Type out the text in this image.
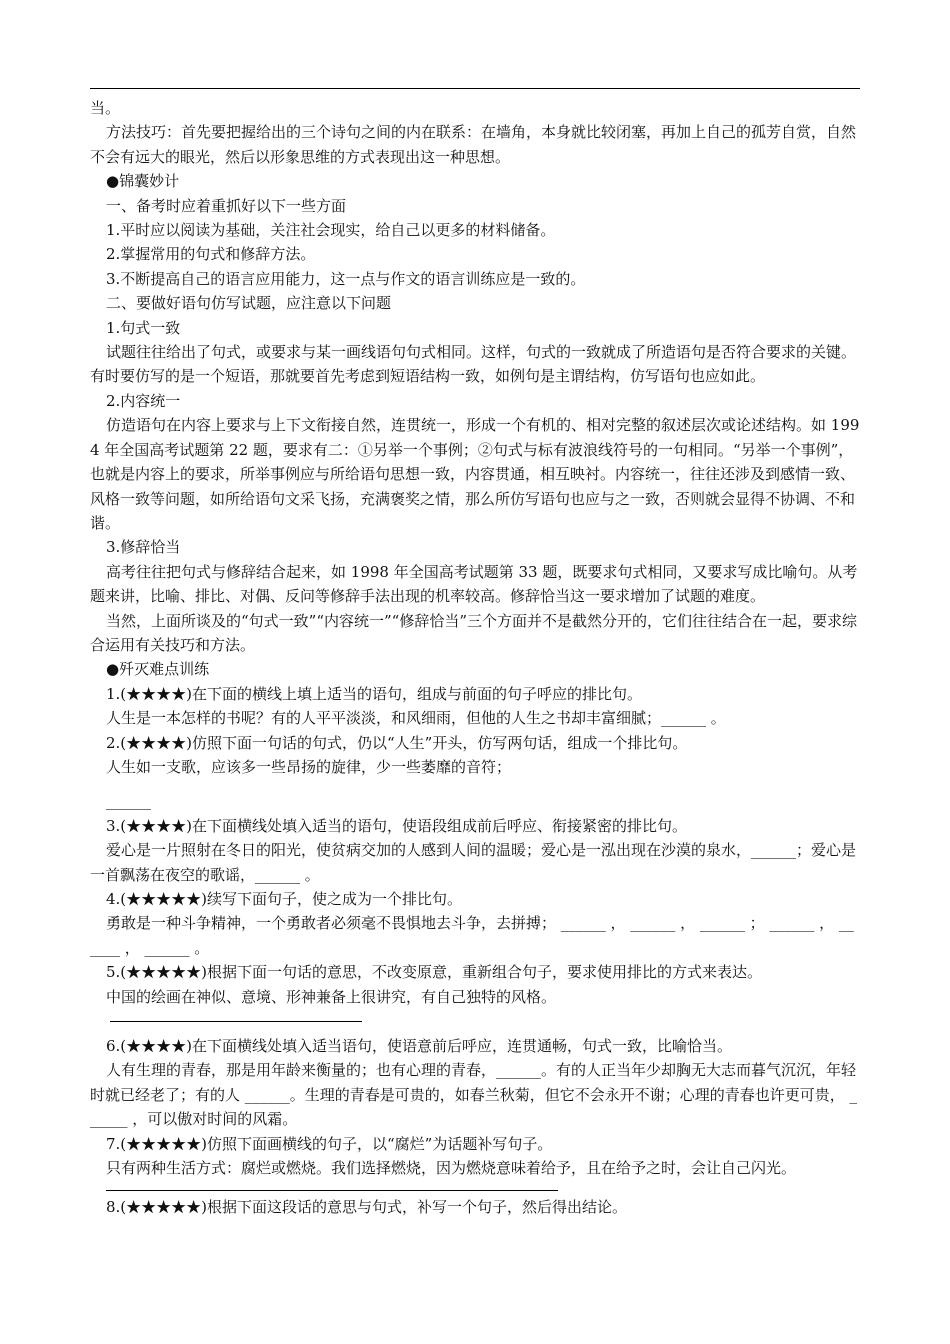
当。

方法技巧：首先要把握给出的三个诗句之间的内在联系：在墙角，本身就比较闭塞，再加上自己的孤芳自赏，自然不会有远大的眼光，然后以形象思维的方式表现出这一种思想。

●锦囊妙计

一、备考时应着重抓好以下一些方面

1.平时应以阅读为基础，关注社会现实，给自己以更多的材料储备。

2.掌握常用的句式和修辞方法。

3.不断提高自己的语言应用能力，这一点与作文的语言训练应是一致的。

二、要做好语句仿写试题，应注意以下问题

1.句式一致

试题往往给出了句式，或要求与某一画线语句句式相同。这样，句式的一致就成了所造语句是否符合要求的关键。有时要仿写的是一个短语，那就要首先考虑到短语结构一致，如例句是主谓结构，仿写语句也应如此。

2.内容统一

仿造语句在内容上要求与上下文衔接自然，连贯统一，形成一个有机的、相对完整的叙述层次或论述结构。如 1994 年全国高考试题第 22 题，要求有二：①另举一个事例；②句式与标有波浪线符号的一句相同。“另举一个事例”，也就是内容上的要求，所举事例应与所给语句思想一致，内容贯通，相互映衬。内容统一，往往还涉及到感情一致、风格一致等问题，如所给语句文采飞扬，充满褒奖之情，那么所仿写语句也应与之一致，否则就会显得不协调、不和谐。

3.修辞恰当

高考往往把句式与修辞结合起来，如 1998 年全国高考试题第 33 题，既要求句式相同，又要求写成比喻句。从考题来讲，比喻、排比、对偶、反问等修辞手法出现的机率较高。修辞恰当这一要求增加了试题的难度。

当然，上面所谈及的“句式一致”“内容统一”“修辞恰当”三个方面并不是截然分开的，它们往往结合在一起，要求综合运用有关技巧和方法。

●歼灭难点训练

1.(★★★★)在下面的横线上填上适当的语句，组成与前面的句子呼应的排比句。

人生是一本怎样的书呢？有的人平平淡淡，和风细雨，但他的人生之书却丰富细腻；______ 。

2.(★★★★)仿照下面一句话的句式，仍以“人生”开头，仿写两句话，组成一个排比句。

人生如一支歌，应该多一些昂扬的旋律，少一些萎靡的音符；

______

3.(★★★★)在下面横线处填入适当的语句，使语段组成前后呼应、衔接紧密的排比句。

爱心是一片照射在冬日的阳光，使贫病交加的人感到人间的温暖；爱心是一泓出现在沙漠的泉水，______；爱心是一首飘荡在夜空的歌谣，______ 。

4.(★★★★★)续写下面句子，使之成为一个排比句。

勇敢是一种斗争精神，一个勇敢者必须毫不畏惧地去斗争，去拼搏； ______ ， ______ ， ______ ； ______ ， ______ ， ______ 。

5.(★★★★★)根据下面一句话的意思，不改变原意，重新组合句子，要求使用排比的方式来表达。

中国的绘画在神似、意境、形神兼备上很讲究，有自己独特的风格。

6.(★★★★)在下面横线处填入适当语句，使语意前后呼应，连贯通畅，句式一致，比喻恰当。

人有生理的青春，那是用年龄来衡量的；也有心理的青春，______。有的人正当年少却胸无大志而暮气沉沉，年轻时就已经老了；有的人 ______。生理的青春是可贵的，如春兰秋菊，但它不会永开不谢；心理的青春也许更可贵， ______ ，可以傲对时间的风霜。

7.(★★★★★)仿照下面画横线的句子，以“腐烂”为话题补写句子。

只有两种生活方式：腐烂或燃烧。我们选择燃烧，因为燃烧意味着给予，且在给予之时，会让自己闪光。

8.(★★★★★)根据下面这段话的意思与句式，补写一个句子，然后得出结论。
